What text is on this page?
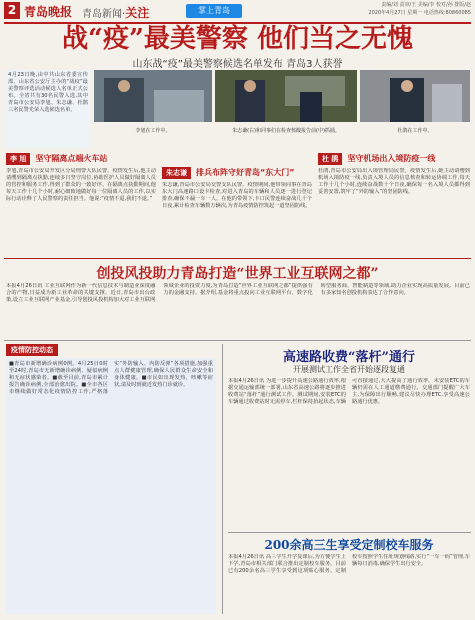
2 青岛晚报 青岛新闻·关注	掌上青岛
责编/刘 责审/王 美编/李 校对/孙 排版/赵
2020年4月27日 星期一 电话热线:80860085
战“疫”最美警察 他们当之无愧
山东战“疫”最美警察候选名单发布 青岛3人获誉
4月23日晚,由中共山东省委宣传部、山东省公安厅主办的“战疫”最美警察评选活动候选人名单正式公布。全省共有30名民警入选,其中青岛市公安局李旭、朱志谦、杜鹃三名民警光荣入选候选名单。
李旭在工作中。	朱志谦(右)和同事们在检查核酸报告前(中)抓捕。	杜鹃在工作中。
李 旭	坚守隔离点端火车站
朱志谦	排兵布阵守好青岛“东大门”
杜 鹃	坚守机场出入境防疫一线
李旭,青岛市公安局开发区分局刑警大队民警。疫情发生后,他主动请缨到隔离点执勤,连续多日坚守岗位,协助医护人员做好隔离人员的管控和服务工作,得到了群众的一致好评。在隔离点执勤期间,他每天工作十几个小时,耐心细致地做好每一位隔离人员的工作,以实际行动诠释了人民警察的责任担当。他说:“疫情不退,我们不退。”
朱志谦,青岛市公安局交警支队民警。疫情期间,他带领同事在青岛东大门高速路口设卡检查,对进入青岛的车辆和人员逐一进行登记排查,确保不漏一车一人。在他的带领下,卡口民警连续奋战几十个日夜,累计检查车辆数万辆次,为青岛疫情防控筑起一道坚固防线。
杜鹃,青岛市公安局出入境管理局民警。疫情发生后,她主动请缨到机场入境防疫一线,负责入境人员的信息核查和转运协调工作,每天工作十几个小时,连续奋战数十个日夜,确保每一名入境人员都得到妥善安置,筑牢了“外防输入”的坚固防线。
创投风投助力青岛打造“世界工业互联网之都”
本报4月26日讯 工业互联网作为新一代信息技术与制造业深度融合的产物,日益成为新工业革命的关键支撑。近日,青岛市出台政策,设立工业互联网产业基金,引导创投风投机构加大对工业互联网领域企业的投资力度,为青岛打造“世界工业互联网之都”提供强有力的金融支持。据介绍,基金将重点投向工业互联网平台、数字化转型服务商、智能制造等领域,助力企业实现高质量发展。目前已有多家知名创投机构表达了合作意向。
疫情防控动态
■青岛市新增确诊病例0例。4月25日0时至24时,青岛市无新增确诊病例、疑似病例和无症状感染者。■截至目前,青岛市累计报告确诊病例,全部治愈出院。■全市各区市继续做好常态化疫情防控工作,严格落实“外防输入、内防反弹”各项措施,加强重点人群健康管理,确保人民群众生命安全和身体健康。■市民如出现发热、咳嗽等症状,请及时到就近发热门诊就诊。
高速路收费“落杆”通行
开展测试工作全省开始逐段复通
本报4月26日讯 为进一步提升高速公路通行效率,根据交通运输部统一部署,山东省高速公路将逐步推进收费站“落杆”通行测试工作。测试期间,安装ETC的车辆通过收费站时无需停车,栏杆保持抬起状态,车辆可直接通过,大大提高了通行效率。未安装ETC的车辆仍需在人工通道缴费通行。交通部门提醒广大车主,为保障出行顺畅,建议尽快办理ETC,享受高速公路通行优惠。
200余高三生享受定制校车服务
本报4月26日讯 高三学生开学复课后,为方便学生上下学,青岛市相关部门联合推出定制校车服务。目前已有200余名高三学生享受到这项贴心服务。定制校车按照学生住址规划线路,实行“一车一码”管理,车辆每日消毒,确保学生出行安全。
